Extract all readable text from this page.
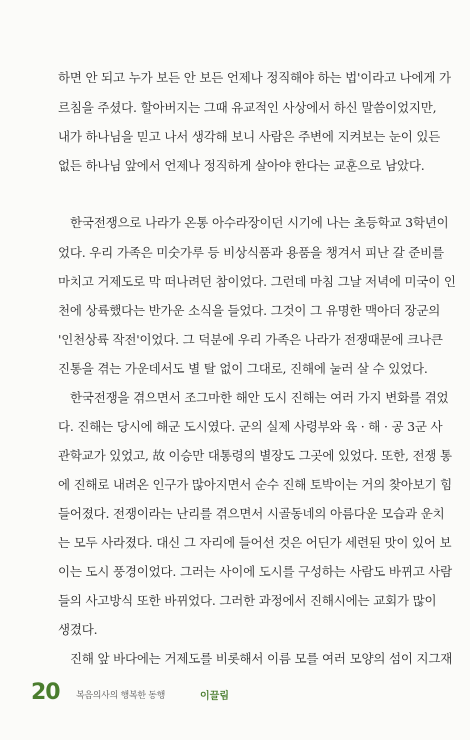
하면 안 되고 누가 보든 안 보든 언제나 정직해야 하는 법'이라고 나에게 가
르침을 주셨다. 할아버지는 그때 유교적인 사상에서 하신 말씀이었지만,
내가 하나님을 믿고 나서 생각해 보니 사람은 주변에 지켜보는 눈이 있든
없든 하나님 앞에서 언제나 정직하게 살아야 한다는 교훈으로 남았다.
한국전쟁으로 나라가 온통 아수라장이던 시기에 나는 초등학교 3학년이
었다. 우리 가족은 미숫가루 등 비상식품과 용품을 챙겨서 피난 갈 준비를
마치고 거제도로 막 떠나려던 참이었다. 그런데 마침 그날 저녁에 미국이 인
천에 상륙했다는 반가운 소식을 들었다. 그것이 그 유명한 맥아더 장군의
'인천상륙 작전'이었다. 그 덕분에 우리 가족은 나라가 전쟁때문에 크나큰
진통을 겪는 가운데서도 별 탈 없이 그대로, 진해에 눌러 살 수 있었다.
한국전쟁을 겪으면서 조그마한 해안 도시 진해는 여러 가지 변화를 겪었
다. 진해는 당시에 해군 도시였다. 군의 실제 사령부와 육 · 해 · 공 3군 사
관학교가 있었고, 故 이승만 대통령의 별장도 그곳에 있었다. 또한, 전쟁 통
에 진해로 내려온 인구가 많아지면서 순수 진해 토박이는 거의 찾아보기 힘
들어졌다. 전쟁이라는 난리를 겪으면서 시골동네의 아름다운 모습과 운치
는 모두 사라졌다. 대신 그 자리에 들어선 것은 어딘가 세련된 맛이 있어 보
이는 도시 풍경이었다. 그러는 사이에 도시를 구성하는 사람도 바뀌고 사람
들의 사고방식 또한 바뀌었다. 그러한 과정에서 진해시에는 교회가 많이
생겼다.
진해 앞 바다에는 거제도를 비롯해서 이름 모를 여러 모양의 섬이 지그재
20 복음의사의 행복한 동행	이끌림
